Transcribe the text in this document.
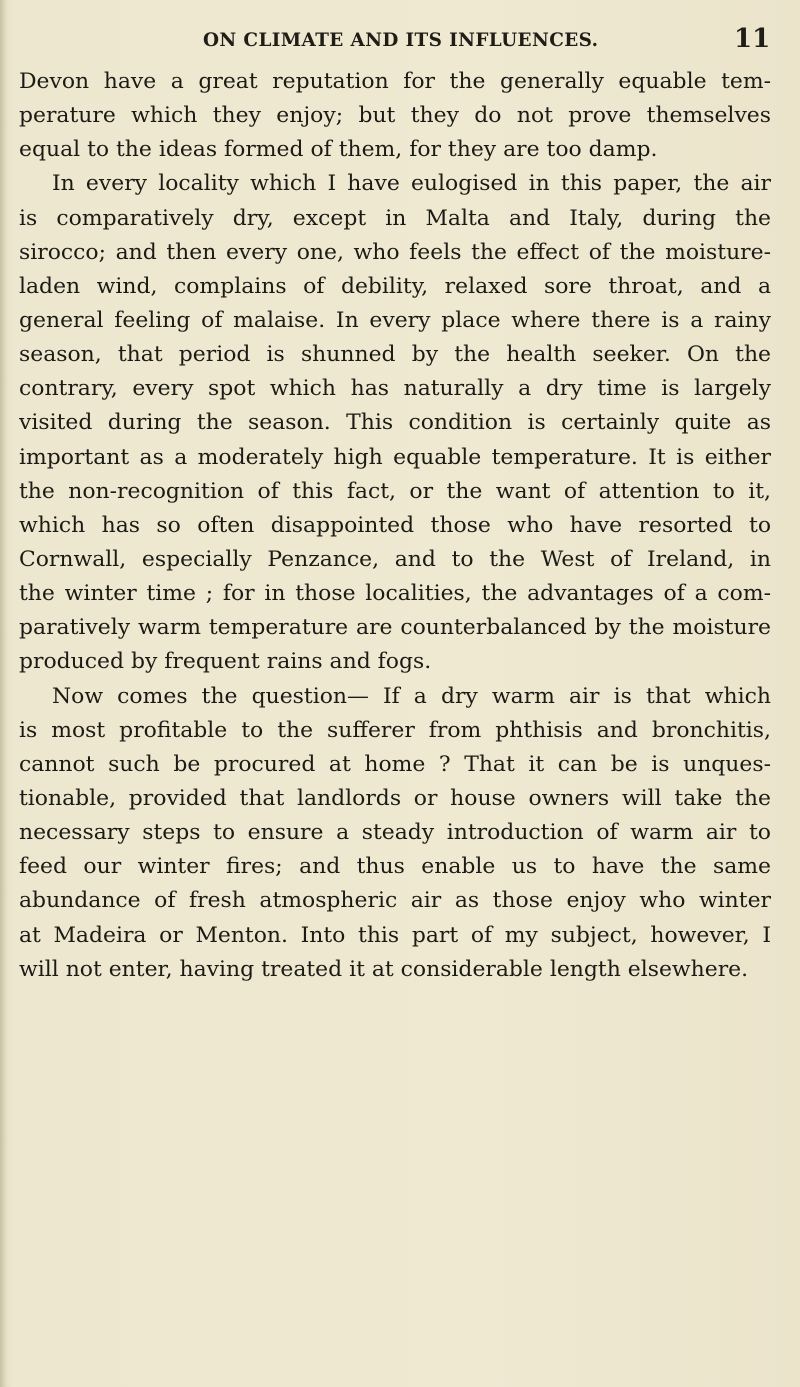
ON CLIMATE AND ITS INFLUENCES.	11
Devon have a great reputation for the generally equable tem-
perature which they enjoy; but they do not prove themselves
equal to the ideas formed of them, for they are too damp.
In every locality which I have eulogised in this paper, the air
is comparatively dry, except in Malta and Italy, during the
sirocco; and then every one, who feels the effect of the moisture-
laden wind, complains of debility, relaxed sore throat, and a
general feeling of malaise. In every place where there is a rainy
season, that period is shunned by the health seeker. On the
contrary, every spot which has naturally a dry time is largely
visited during the season. This condition is certainly quite as
important as a moderately high equable temperature. It is either
the non-recognition of this fact, or the want of attention to it,
which has so often disappointed those who have resorted to
Cornwall, especially Penzance, and to the West of Ireland, in
the winter time ; for in those localities, the advantages of a com-
paratively warm temperature are counterbalanced by the moisture
produced by frequent rains and fogs.
Now comes the question— If a dry warm air is that which
is most profitable to the sufferer from phthisis and bronchitis,
cannot such be procured at home ? That it can be is unques-
tionable, provided that landlords or house owners will take the
necessary steps to ensure a steady introduction of warm air to
feed our winter fires; and thus enable us to have the same
abundance of fresh atmospheric air as those enjoy who winter
at Madeira or Menton. Into this part of my subject, however, I
will not enter, having treated it at considerable length elsewhere.
